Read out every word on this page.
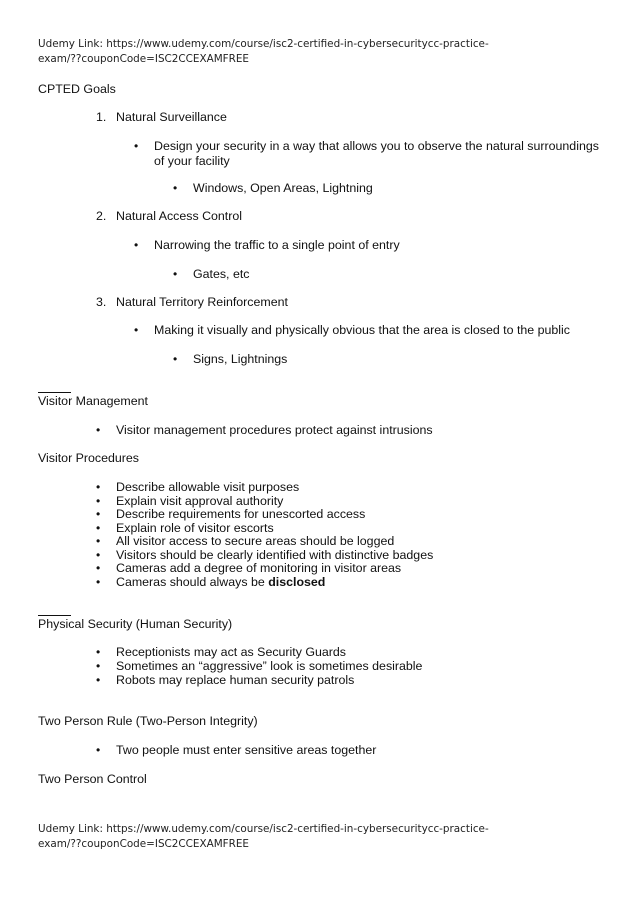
Udemy Link: https://www.udemy.com/course/isc2-certified-in-cybersecuritycc-practice-
exam/??couponCode=ISC2CCEXAMFREE
CPTED Goals
1. Natural Surveillance
• Design your security in a way that allows you to observe the natural surroundings of your facility
• Windows, Open Areas, Lightning
2. Natural Access Control
• Narrowing the traffic to a single point of entry
• Gates, etc
3. Natural Territory Reinforcement
• Making it visually and physically obvious that the area is closed to the public
• Signs, Lightnings
Visitor Management
• Visitor management procedures protect against intrusions
Visitor Procedures
• Describe allowable visit purposes
• Explain visit approval authority
• Describe requirements for unescorted access
• Explain role of visitor escorts
• All visitor access to secure areas should be logged
• Visitors should be clearly identified with distinctive badges
• Cameras add a degree of monitoring in visitor areas
• Cameras should always be disclosed
Physical Security (Human Security)
• Receptionists may act as Security Guards
• Sometimes an “aggressive” look is sometimes desirable
• Robots may replace human security patrols
Two Person Rule (Two-Person Integrity)
• Two people must enter sensitive areas together
Two Person Control
Udemy Link: https://www.udemy.com/course/isc2-certified-in-cybersecuritycc-practice-
exam/??couponCode=ISC2CCEXAMFREE
